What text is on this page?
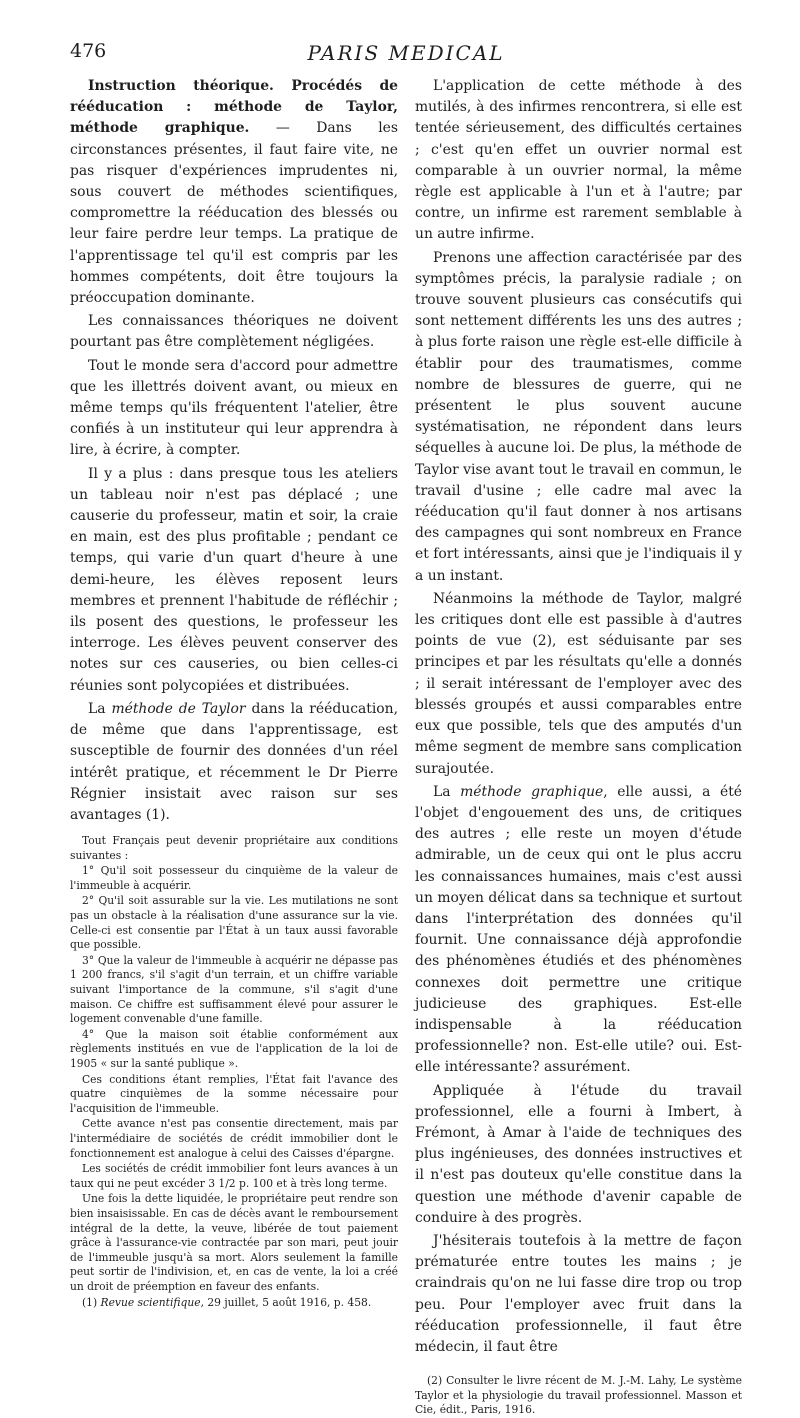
476	PARIS MEDICAL

Instruction théorique. Procédés de rééducation : méthode de Taylor, méthode graphique. — Dans les circonstances présentes, il faut faire vite, ne pas risquer d'expériences imprudentes ni, sous couvert de méthodes scientifiques, compromettre la rééducation des blessés ou leur faire perdre leur temps. La pratique de l'apprentissage tel qu'il est compris par les hommes compétents, doit être toujours la préoccupation dominante.

Les connaissances théoriques ne doivent pourtant pas être complètement négligées.

Tout le monde sera d'accord pour admettre que les illettrés doivent avant, ou mieux en même temps qu'ils fréquentent l'atelier, être confiés à un instituteur qui leur apprendra à lire, à écrire, à compter.

Il y a plus : dans presque tous les ateliers un tableau noir n'est pas déplacé ; une causerie du professeur, matin et soir, la craie en main, est des plus profitable ; pendant ce temps, qui varie d'un quart d'heure à une demi-heure, les élèves reposent leurs membres et prennent l'habitude de réfléchir ; ils posent des questions, le professeur les interroge. Les élèves peuvent conserver des notes sur ces causeries, ou bien celles-ci réunies sont polycopiées et distribuées.

La méthode de Taylor dans la rééducation, de même que dans l'apprentissage, est susceptible de fournir des données d'un réel intérêt pratique, et récemment le Dr Pierre Régnier insistait avec raison sur ses avantages (1).

Tout Français peut devenir propriétaire aux conditions suivantes :

1° Qu'il soit possesseur du cinquième de la valeur de l'immeuble à acquérir.

2° Qu'il soit assurable sur la vie. Les mutilations ne sont pas un obstacle à la réalisation d'une assurance sur la vie. Celle-ci est consentie par l'État à un taux aussi favorable que possible.

3° Que la valeur de l'immeuble à acquérir ne dépasse pas 1 200 francs, s'il s'agit d'un terrain, et un chiffre variable suivant l'importance de la commune, s'il s'agit d'une maison. Ce chiffre est suffisamment élevé pour assurer le logement convenable d'une famille.

4° Que la maison soit établie conformément aux règlements institués en vue de l'application de la loi de 1905 « sur la santé publique ».

Ces conditions étant remplies, l'État fait l'avance des quatre cinquièmes de la somme nécessaire pour l'acquisition de l'immeuble.

Cette avance n'est pas consentie directement, mais par l'intermédiaire de sociétés de crédit immobilier dont le fonctionnement est analogue à celui des Caisses d'épargne.

Les sociétés de crédit immobilier font leurs avances à un taux qui ne peut excéder 3 1/2 p. 100 et à très long terme.

Une fois la dette liquidée, le propriétaire peut rendre son bien insaisissable. En cas de décès avant le remboursement intégral de la dette, la veuve, libérée de tout paiement grâce à l'assurance-vie contractée par son mari, peut jouir de l'immeuble jusqu'à sa mort. Alors seulement la famille peut sortir de l'indivision, et, en cas de vente, la loi a créé un droit de préemption en faveur des enfants.

(1) Revue scientifique, 29 juillet, 5 août 1916, p. 458.

L'application de cette méthode à des mutilés, à des infirmes rencontrera, si elle est tentée sérieusement, des difficultés certaines ; c'est qu'en effet un ouvrier normal est comparable à un ouvrier normal, la même règle est applicable à l'un et à l'autre; par contre, un infirme est rarement semblable à un autre infirme.

Prenons une affection caractérisée par des symptômes précis, la paralysie radiale ; on trouve souvent plusieurs cas consécutifs qui sont nettement différents les uns des autres ; à plus forte raison une règle est-elle difficile à établir pour des traumatismes, comme nombre de blessures de guerre, qui ne présentent le plus souvent aucune systématisation, ne répondent dans leurs séquelles à aucune loi. De plus, la méthode de Taylor vise avant tout le travail en commun, le travail d'usine ; elle cadre mal avec la rééducation qu'il faut donner à nos artisans des campagnes qui sont nombreux en France et fort intéressants, ainsi que je l'indiquais il y a un instant.

Néanmoins la méthode de Taylor, malgré les critiques dont elle est passible à d'autres points de vue (2), est séduisante par ses principes et par les résultats qu'elle a donnés ; il serait intéressant de l'employer avec des blessés groupés et aussi comparables entre eux que possible, tels que des amputés d'un même segment de membre sans complication surajoutée.

La méthode graphique, elle aussi, a été l'objet d'engouement des uns, de critiques des autres ; elle reste un moyen d'étude admirable, un de ceux qui ont le plus accru les connaissances humaines, mais c'est aussi un moyen délicat dans sa technique et surtout dans l'interprétation des données qu'il fournit. Une connaissance déjà approfondie des phénomènes étudiés et des phénomènes connexes doit permettre une critique judicieuse des graphiques. Est-elle indispensable à la rééducation professionnelle? non. Est-elle utile? oui. Est-elle intéressante? assurément.

Appliquée à l'étude du travail professionnel, elle a fourni à Imbert, à Frémont, à Amar à l'aide de techniques des plus ingénieuses, des données instructives et il n'est pas douteux qu'elle constitue dans la question une méthode d'avenir capable de conduire à des progrès.

J'hésiterais toutefois à la mettre de façon prématurée entre toutes les mains ; je craindrais qu'on ne lui fasse dire trop ou trop peu. Pour l'employer avec fruit dans la rééducation professionnelle, il faut être médecin, il faut être

(2) Consulter le livre récent de M. J.-M. Lahy, Le système Taylor et la physiologie du travail professionnel. Masson et Cie, édit., Paris, 1916.
